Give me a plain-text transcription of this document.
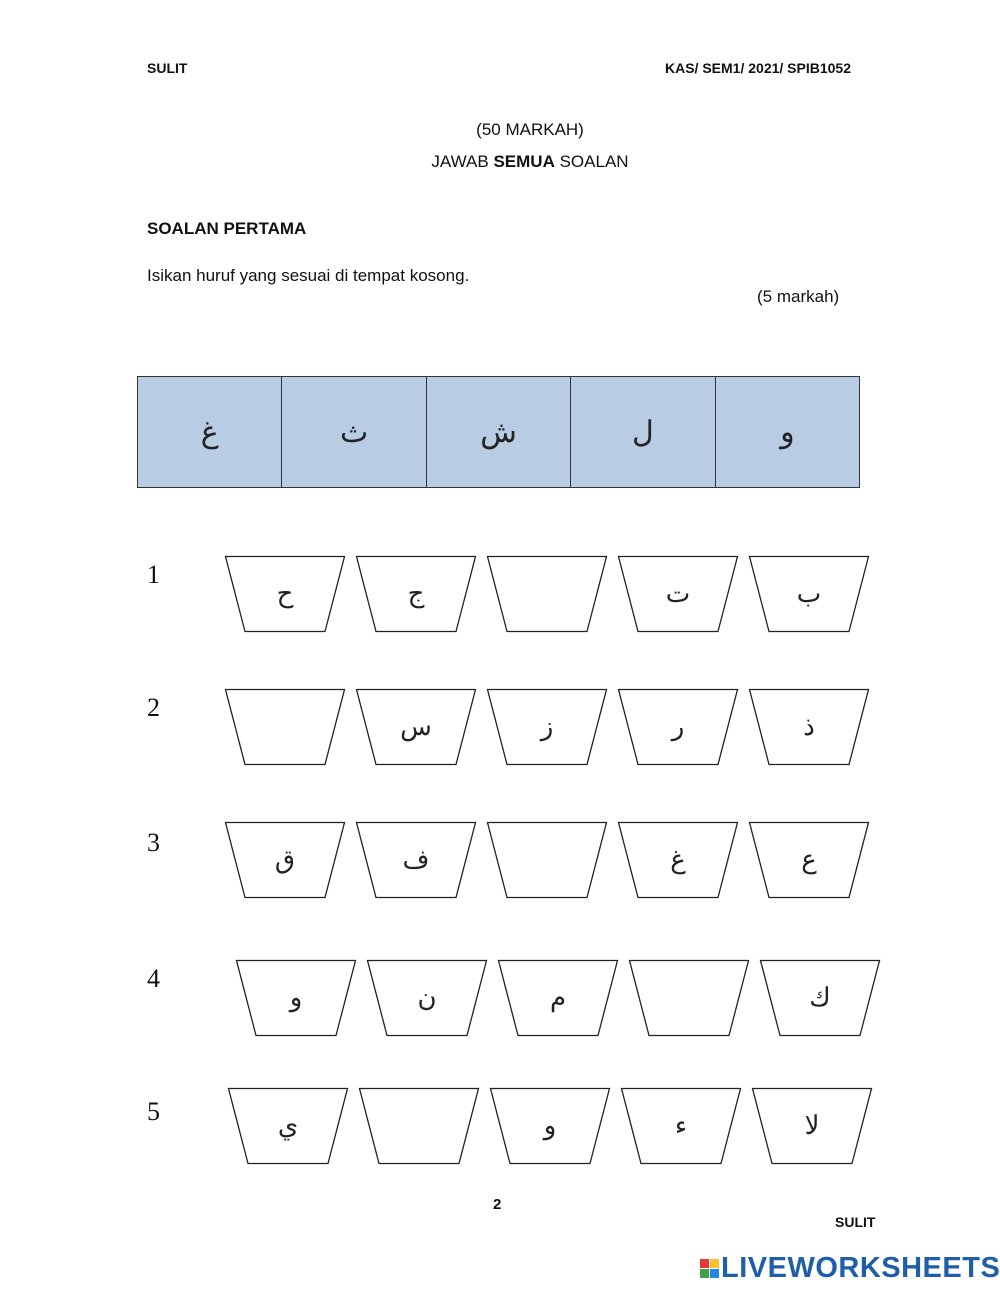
SULIT	KAS/ SEM1/ 2021/ SPIB1052
(50 MARKAH)
JAWAB SEMUA SOALAN
SOALAN PERTAMA
Isikan huruf yang sesuai di tempat kosong.
(5 markah)
غ	ث	ش	ل	و
1
ح	ج	ت	ب
2
س	ز	ر	ذ
3
ق	ف	غ	ع
4
و	ن	م	ك
5	ي	و	ء	لا
2
SULIT
LIVEWORKSHEETS
